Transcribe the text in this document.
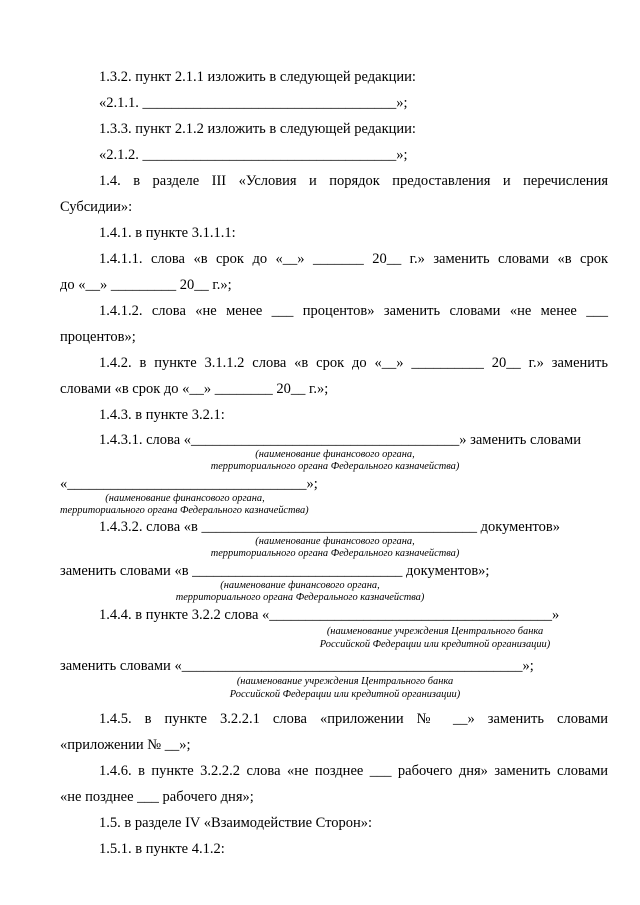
1.3.2. пункт 2.1.1 изложить в следующей редакции:
«2.1.1. ___________________________________»;
1.3.3. пункт 2.1.2 изложить в следующей редакции:
«2.1.2. ___________________________________»;
1.4. в разделе III «Условия и порядок предоставления и перечисления
Субсидии»:
1.4.1. в пункте 3.1.1.1:
1.4.1.1. слова «в срок до «__» _______ 20__ г.» заменить словами «в срок
до «__» _________ 20__ г.»;
1.4.1.2. слова «не менее ___ процентов» заменить словами «не менее ___
процентов»;
1.4.2. в пункте 3.1.1.2 слова «в срок до «__» __________ 20__ г.» заменить
словами «в срок до «__» ________ 20__ г.»;
1.4.3. в пункте 3.2.1:
1.4.3.1. слова «_____________________________________» заменить словами
(наименование финансового органа,
территориального органа Федерального казначейства)
«_________________________________»;
(наименование финансового органа,
территориального органа Федерального казначейства)
1.4.3.2. слова «в ______________________________________ документов»
(наименование финансового органа,
территориального органа Федерального казначейства)
заменить словами «в _____________________________ документов»;
(наименование финансового органа,
территориального органа Федерального казначейства)
1.4.4. в пункте 3.2.2 слова «_______________________________________»
(наименование учреждения Центрального банка
Российской Федерации или кредитной организации)
заменить словами «_______________________________________________»;
(наименование учреждения Центрального банка
Российской Федерации или кредитной организации)
1.4.5. в пункте 3.2.2.1 слова «приложении № __» заменить словами
«приложении № __»;
1.4.6. в пункте 3.2.2.2 слова «не позднее ___ рабочего дня» заменить словами
«не позднее ___ рабочего дня»;
1.5. в разделе IV «Взаимодействие Сторон»:
1.5.1. в пункте 4.1.2:
